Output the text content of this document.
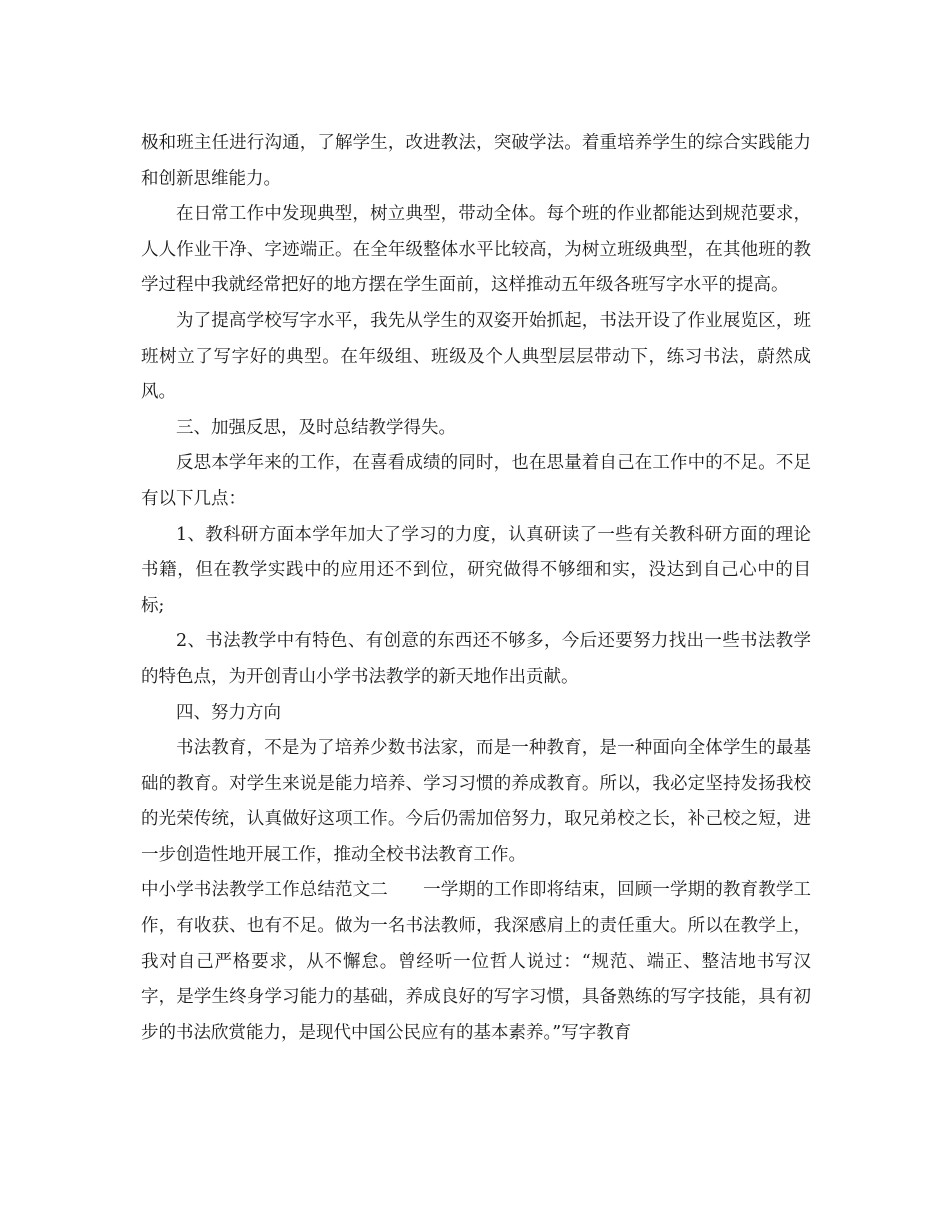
极和班主任进行沟通，了解学生，改进教法，突破学法。着重培养学生的综合实践能力和创新思维能力。

在日常工作中发现典型，树立典型，带动全体。每个班的作业都能达到规范要求，人人作业干净、字迹端正。在全年级整体水平比较高，为树立班级典型，在其他班的教学过程中我就经常把好的地方摆在学生面前，这样推动五年级各班写字水平的提高。

为了提高学校写字水平，我先从学生的双姿开始抓起，书法开设了作业展览区，班班树立了写字好的典型。在年级组、班级及个人典型层层带动下，练习书法，蔚然成风。

三、加强反思，及时总结教学得失。

反思本学年来的工作，在喜看成绩的同时，也在思量着自己在工作中的不足。不足有以下几点：

1、教科研方面本学年加大了学习的力度，认真研读了一些有关教科研方面的理论书籍，但在教学实践中的应用还不到位，研究做得不够细和实，没达到自己心中的目标;

2、书法教学中有特色、有创意的东西还不够多，今后还要努力找出一些书法教学的特色点，为开创青山小学书法教学的新天地作出贡献。

四、努力方向

书法教育，不是为了培养少数书法家，而是一种教育，是一种面向全体学生的最基础的教育。对学生来说是能力培养、学习习惯的养成教育。所以，我必定坚持发扬我校的光荣传统，认真做好这项工作。今后仍需加倍努力，取兄弟校之长，补己校之短，进一步创造性地开展工作，推动全校书法教育工作。

中小学书法教学工作总结范文二　　一学期的工作即将结束，回顾一学期的教育教学工作，有收获、也有不足。做为一名书法教师，我深感肩上的责任重大。所以在教学上，我对自己严格要求，从不懈怠。曾经听一位哲人说过：“规范、端正、整洁地书写汉字，是学生终身学习能力的基础，养成良好的写字习惯，具备熟练的写字技能，具有初步的书法欣赏能力，是现代中国公民应有的基本素养。”写字教育
